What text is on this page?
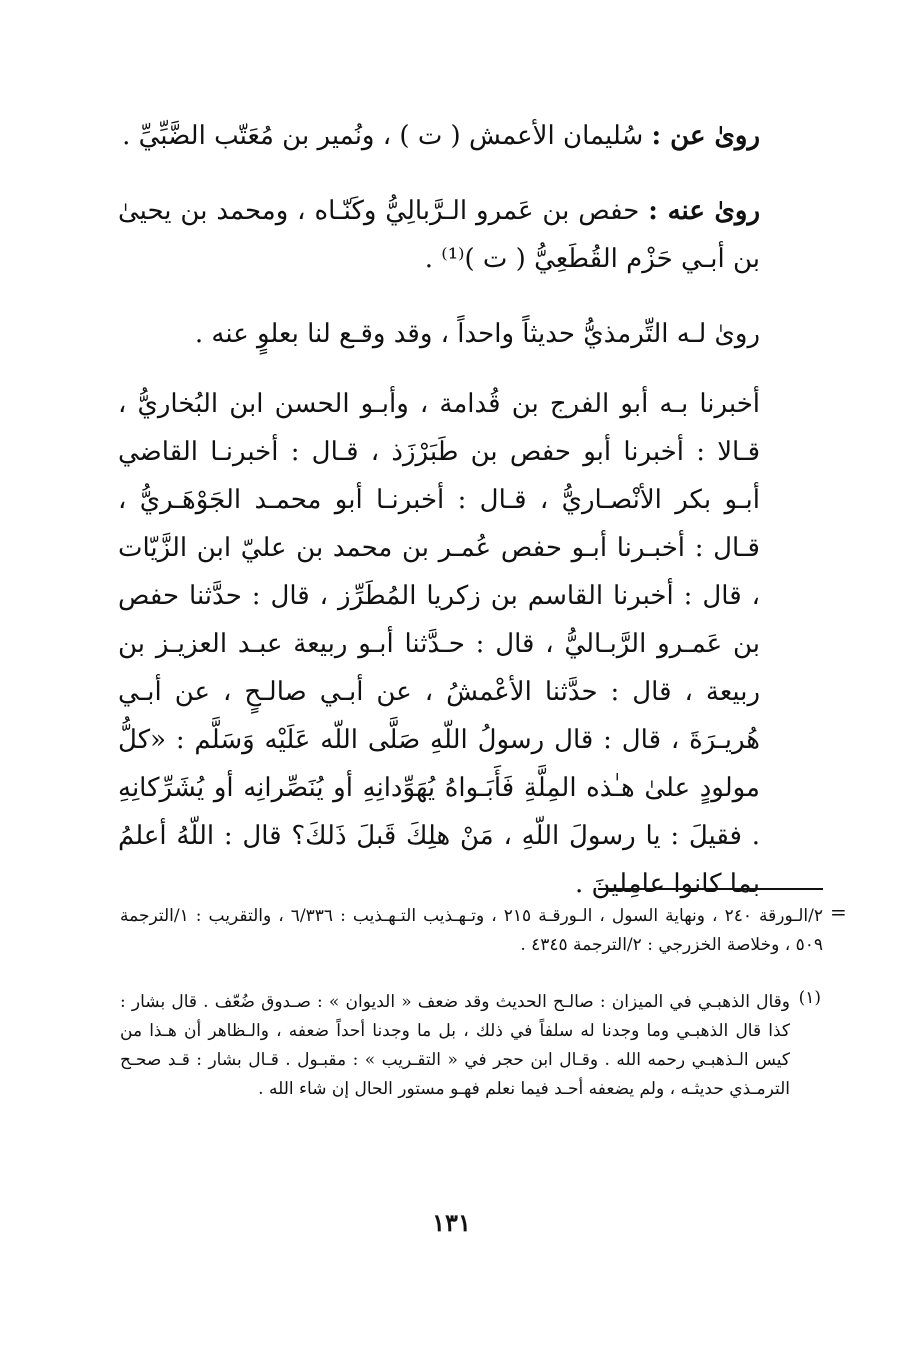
روىٰ عن : سُليمان الأعمش ( ت ) ، ونُمير بن مُعَتّب الضَّبِّيِّ .

روىٰ عنه : حفص بن عَمرو الـرَّبالِيُّ وكَنّـاه ، ومحمد بن يحيىٰ بن أبـي حَزْم القُطَعِيُّ ( ت )⁽¹⁾ .

روىٰ لـه التِّرمذيُّ حديثاً واحداً ، وقد وقـع لنا بعلوٍ عنه .

أخبرنا بـه أبو الفرج بن قُدامة ، وأبـو الحسن ابن البُخاريُّ ، قـالا : أخبرنا أبو حفص بن طَبَرْزَذ ، قـال : أخبرنـا القاضي أبـو بكر الأنْصـاريُّ ، قـال : أخبرنـا أبو محمـد الجَوْهَـريُّ ، قـال : أخبـرنا أبـو حفص عُمـر بن محمد بن عليّ ابن الزَّيّات ، قال : أخبرنا القاسم بن زكريا المُطَرِّز ، قال : حدَّثنا حفص بن عَمـرو الرَّبـاليُّ ، قال : حـدَّثنا أبـو ربيعة عبـد العزيـز بن ربيعة ، قال : حدَّثنا الأعْمشُ ، عن أبـي صالـحٍ ، عن أبـي هُريـرَةَ ، قال : قال رسولُ اللّهِ صَلَّى اللّه عَلَيْه وَسَلَّم : «كلُّ مولودٍ علىٰ هـٰذه المِلَّةِ فَأَبَـواهُ يُهَوِّدانِهِ أو يُنَصِّرانِه أو يُشَرِّكانِهِ . فقيلَ : يا رسولَ اللّهِ ، مَنْ هلِكَ قَبلَ ذَلكَ؟ قال : اللّهُ أعلمُ بما كانوا عامِلينَ .

=
٢/الـورقة ٢٤٠ ، ونهاية السول ، الـورقـة ٢١٥ ، وتـهـذيب التـهـذيب : ٦/٣٣٦ ، والتقريب : ١/الترجمة ٥٠٩ ، وخلاصة الخزرجي : ٢/الترجمة ٤٣٤٥ .
(١)
وقال الذهبـي في الميزان : صالـح الحديث وقد ضعف « الديوان » : صـدوق ضُعّف . قال بشار : كذا قال الذهبـي وما وجدنا له سلفاً في ذلك ، بل ما وجدنا أحداً ضعفه ، والـظاهر أن هـذا من كيس الـذهبـي رحمه الله . وقـال ابن حجر في « التقـريب » : مقبـول . قـال بشار : قـد صحـح الترمـذي حديثـه ، ولم يضعفه أحـد فيما نعلم فهـو مستور الحال إن شاء الله .
١٣١
